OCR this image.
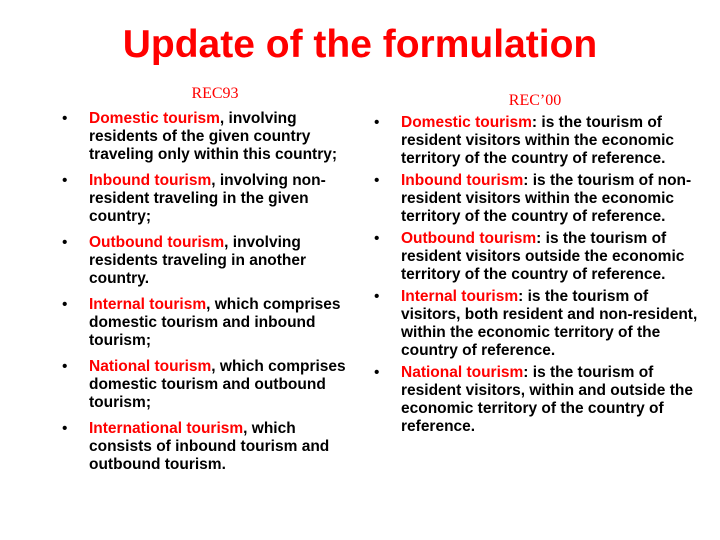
Update of the formulation
REC93
• Domestic tourism, involving residents of the given country traveling only within this country;
• Inbound tourism, involving non- resident traveling in the given country;
• Outbound tourism, involving residents traveling in another country.
• Internal tourism, which comprises domestic tourism and inbound tourism;
• National tourism, which comprises domestic tourism and outbound tourism;
• International tourism, which consists of inbound tourism and outbound tourism.
REC’00
• Domestic tourism: is the tourism of resident visitors within the economic territory of the country of reference.
• Inbound tourism: is the tourism of non-resident visitors within the economic territory of the country of reference.
• Outbound tourism: is the tourism of resident visitors outside the economic territory of the country of reference.
• Internal tourism: is the tourism of visitors, both resident and non-resident, within the economic territory of the country of reference.
• National tourism: is the tourism of resident visitors, within and outside the economic territory of the country of reference.
